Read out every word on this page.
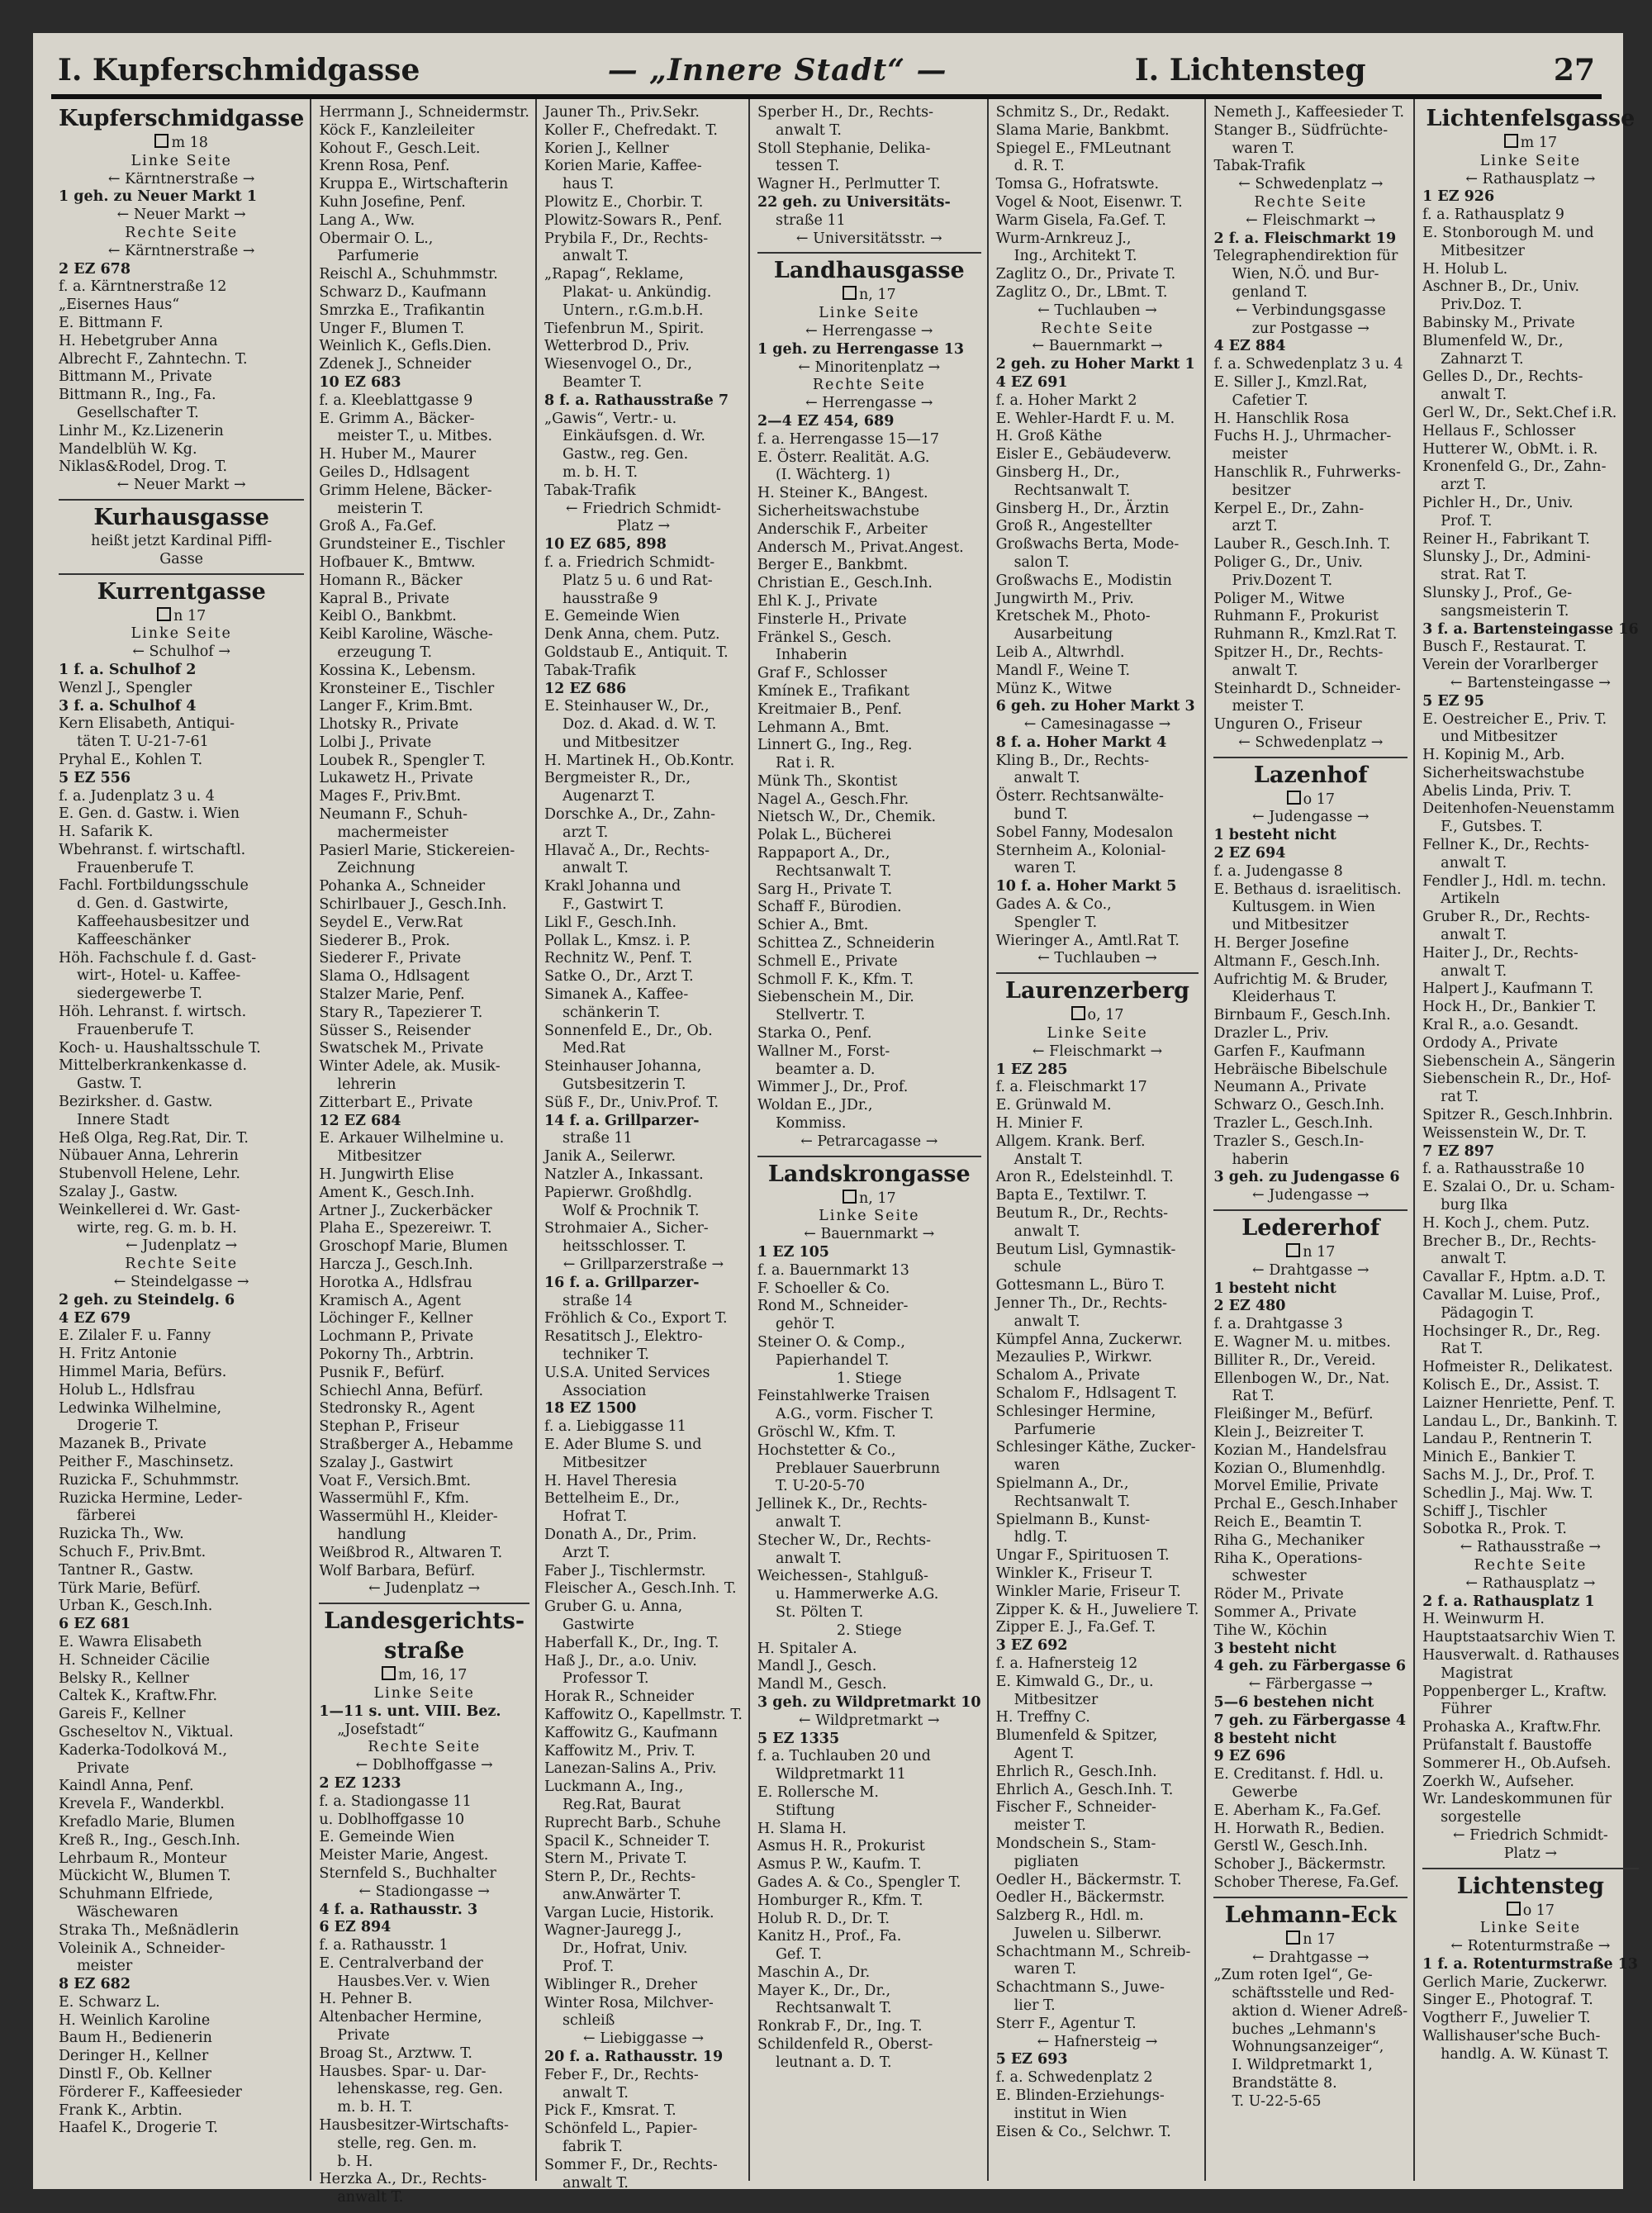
I. Kupferschmidgasse	— „Innere Stadt“ —	I. Lichtensteg	27
Kupferschmidgasse
m 18
Linke Seite
← Kärntnerstraße →
1 geh. zu Neuer Markt 1
← Neuer Markt →
Rechte Seite
← Kärntnerstraße →
2 EZ 678
f. a. Kärntnerstraße 12
„Eisernes Haus“
E. Bittmann F.
H. Hebetgruber Anna
Albrecht F., Zahntechn. T.
Bittmann M., Private
Bittmann R., Ing., Fa.
Gesellschafter T.
Linhr M., Kz.Lizenerin
Mandelblüh W. Kg.
Niklas&Rodel, Drog. T.
← Neuer Markt →
Kurhausgasse
heißt jetzt Kardinal Piffl-
Gasse
Kurrentgasse
n 17
Linke Seite
← Schulhof →
1 f. a. Schulhof 2
Wenzl J., Spengler
3 f. a. Schulhof 4
Kern Elisabeth, Antiqui-
täten T. U-21-7-61
Pryhal E., Kohlen T.
5 EZ 556
f. a. Judenplatz 3 u. 4
E. Gen. d. Gastw. i. Wien
H. Safarik K.
Wbehranst. f. wirtschaftl.
Frauenberufe T.
Fachl. Fortbildungsschule
d. Gen. d. Gastwirte,
Kaffeehausbesitzer und
Kaffeeschänker
Höh. Fachschule f. d. Gast-
wirt-, Hotel- u. Kaffee-
siedergewerbe T.
Höh. Lehranst. f. wirtsch.
Frauenberufe T.
Koch- u. Haushaltsschule T.
Mittelberkrankenkasse d.
Gastw. T.
Bezirksher. d. Gastw.
Innere Stadt
Heß Olga, Reg.Rat, Dir. T.
Nübauer Anna, Lehrerin
Stubenvoll Helene, Lehr.
Szalay J., Gastw.
Weinkellerei d. Wr. Gast-
wirte, reg. G. m. b. H.
← Judenplatz →
Rechte Seite
← Steindelgasse →
2 geh. zu Steindelg. 6
4 EZ 679
E. Zilaler F. u. Fanny
H. Fritz Antonie
Himmel Maria, Befürs.
Holub L., Hdlsfrau
Ledwinka Wilhelmine,
Drogerie T.
Mazanek B., Private
Peither F., Maschinsetz.
Ruzicka F., Schuhmmstr.
Ruzicka Hermine, Leder-
färberei
Ruzicka Th., Ww.
Schuch F., Priv.Bmt.
Tantner R., Gastw.
Türk Marie, Befürf.
Urban K., Gesch.Inh.
6 EZ 681
E. Wawra Elisabeth
H. Schneider Cäcilie
Belsky R., Kellner
Caltek K., Kraftw.Fhr.
Gareis F., Kellner
Gscheseltov N., Viktual.
Kaderka-Todolková M.,
Private
Kaindl Anna, Penf.
Krevela F., Wanderkbl.
Krefadlo Marie, Blumen
Kreß R., Ing., Gesch.Inh.
Lehrbaum R., Monteur
Mückicht W., Blumen T.
Schuhmann Elfriede,
Wäschewaren
Straka Th., Meßnädlerin
Voleinik A., Schneider-
meister
8 EZ 682
E. Schwarz L.
H. Weinlich Karoline
Baum H., Bedienerin
Deringer H., Kellner
Dinstl F., Ob. Kellner
Förderer F., Kaffeesieder
Frank K., Arbtin.
Haafel K., Drogerie T.
Herrmann J., Schneidermstr.
Köck F., Kanzleileiter
Kohout F., Gesch.Leit.
Krenn Rosa, Penf.
Kruppa E., Wirtschafterin
Kuhn Josefine, Penf.
Lang A., Ww.
Obermair O. L.,
Parfumerie
Reischl A., Schuhmmstr.
Schwarz D., Kaufmann
Smrzka E., Trafikantin
Unger F., Blumen T.
Weinlich K., Gefls.Dien.
Zdenek J., Schneider
10 EZ 683
f. a. Kleeblattgasse 9
E. Grimm A., Bäcker-
meister T., u. Mitbes.
H. Huber M., Maurer
Geiles D., Hdlsagent
Grimm Helene, Bäcker-
meisterin T.
Groß A., Fa.Gef.
Grundsteiner E., Tischler
Hofbauer K., Bmtww.
Homann R., Bäcker
Kapral B., Private
Keibl O., Bankbmt.
Keibl Karoline, Wäsche-
erzeugung T.
Kossina K., Lebensm.
Kronsteiner E., Tischler
Langer F., Krim.Bmt.
Lhotsky R., Private
Lolbi J., Private
Loubek R., Spengler T.
Lukawetz H., Private
Mages F., Priv.Bmt.
Neumann F., Schuh-
machermeister
Pasierl Marie, Stickereien-
Zeichnung
Pohanka A., Schneider
Schirlbauer J., Gesch.Inh.
Seydel E., Verw.Rat
Siederer B., Prok.
Siederer F., Private
Slama O., Hdlsagent
Stalzer Marie, Penf.
Stary R., Tapezierer T.
Süsser S., Reisender
Swatschek M., Private
Winter Adele, ak. Musik-
lehrerin
Zitterbart E., Private
12 EZ 684
E. Arkauer Wilhelmine u.
Mitbesitzer
H. Jungwirth Elise
Ament K., Gesch.Inh.
Artner J., Zuckerbäcker
Plaha E., Spezereiwr. T.
Groschopf Marie, Blumen
Harcza J., Gesch.Inh.
Horotka A., Hdlsfrau
Kramisch A., Agent
Löchinger F., Kellner
Lochmann P., Private
Pokorny Th., Arbtrin.
Pusnik F., Befürf.
Schiechl Anna, Befürf.
Stedronsky R., Agent
Stephan P., Friseur
Straßberger A., Hebamme
Szalay J., Gastwirt
Voat F., Versich.Bmt.
Wassermühl F., Kfm.
Wassermühl H., Kleider-
handlung
Weißbrod R., Altwaren T.
Wolf Barbara, Befürf.
← Judenplatz →
Landesgerichts-
straße
m, 16, 17
Linke Seite
1—11 s. unt. VIII. Bez.
„Josefstadt“
Rechte Seite
← Doblhoffgasse →
2 EZ 1233
f. a. Stadiongasse 11
u. Doblhoffgasse 10
E. Gemeinde Wien
Meister Marie, Angest.
Sternfeld S., Buchhalter
← Stadiongasse →
4 f. a. Rathausstr. 3
6 EZ 894
f. a. Rathausstr. 1
E. Centralverband der
Hausbes.Ver. v. Wien
H. Pehner B.
Altenbacher Hermine,
Private
Broag St., Arztww. T.
Hausbes. Spar- u. Dar-
lehenskasse, reg. Gen.
m. b. H. T.
Hausbesitzer-Wirtschafts-
stelle, reg. Gen. m.
b. H.
Herzka A., Dr., Rechts-
anwalt T.
Jauner Th., Priv.Sekr.
Koller F., Chefredakt. T.
Korien J., Kellner
Korien Marie, Kaffee-
haus T.
Plowitz E., Chorbir. T.
Plowitz-Sowars R., Penf.
Prybila F., Dr., Rechts-
anwalt T.
„Rapag“, Reklame,
Plakat- u. Ankündig.
Untern., r.G.m.b.H.
Tiefenbrun M., Spirit.
Wetterbrod D., Priv.
Wiesenvogel O., Dr.,
Beamter T.
8 f. a. Rathausstraße 7
„Gawis“, Vertr.- u.
Einkäufsgen. d. Wr.
Gastw., reg. Gen.
m. b. H. T.
Tabak-Trafik
← Friedrich Schmidt-
Platz →
10 EZ 685, 898
f. a. Friedrich Schmidt-
Platz 5 u. 6 und Rat-
hausstraße 9
E. Gemeinde Wien
Denk Anna, chem. Putz.
Goldstaub E., Antiquit. T.
Tabak-Trafik
12 EZ 686
E. Steinhauser W., Dr.,
Doz. d. Akad. d. W. T.
und Mitbesitzer
H. Martinek H., Ob.Kontr.
Bergmeister R., Dr.,
Augenarzt T.
Dorschke A., Dr., Zahn-
arzt T.
Hlavač A., Dr., Rechts-
anwalt T.
Krakl Johanna und
F., Gastwirt T.
Likl F., Gesch.Inh.
Pollak L., Kmsz. i. P.
Rechnitz W., Penf. T.
Satke O., Dr., Arzt T.
Simanek A., Kaffee-
schänkerin T.
Sonnenfeld E., Dr., Ob.
Med.Rat
Steinhauser Johanna,
Gutsbesitzerin T.
Süß F., Dr., Univ.Prof. T.
14 f. a. Grillparzer-
straße 11
Janik A., Seilerwr.
Natzler A., Inkassant.
Papierwr. Großhdlg.
Wolf & Prochnik T.
Strohmaier A., Sicher-
heitsschlosser. T.
← Grillparzerstraße →
16 f. a. Grillparzer-
straße 14
Fröhlich & Co., Export T.
Resatitsch J., Elektro-
techniker T.
U.S.A. United Services
Association
18 EZ 1500
f. a. Liebiggasse 11
E. Ader Blume S. und
Mitbesitzer
H. Havel Theresia
Bettelheim E., Dr.,
Hofrat T.
Donath A., Dr., Prim.
Arzt T.
Faber J., Tischlermstr.
Fleischer A., Gesch.Inh. T.
Gruber G. u. Anna,
Gastwirte
Haberfall K., Dr., Ing. T.
Haß J., Dr., a.o. Univ.
Professor T.
Horak R., Schneider
Kaffowitz O., Kapellmstr. T.
Kaffowitz G., Kaufmann
Kaffowitz M., Priv. T.
Lanezan-Salins A., Priv.
Luckmann A., Ing.,
Reg.Rat, Baurat
Ruprecht Barb., Schuhe
Spacil K., Schneider T.
Stern M., Private T.
Stern P., Dr., Rechts-
anw.Anwärter T.
Vargan Lucie, Historik.
Wagner-Jauregg J.,
Dr., Hofrat, Univ.
Prof. T.
Wiblinger R., Dreher
Winter Rosa, Milchver-
schleiß
← Liebiggasse →
20 f. a. Rathausstr. 19
Feber F., Dr., Rechts-
anwalt T.
Pick F., Kmsrat. T.
Schönfeld L., Papier-
fabrik T.
Sommer F., Dr., Rechts-
anwalt T.
Sperber H., Dr., Rechts-
anwalt T.
Stoll Stephanie, Delika-
tessen T.
Wagner H., Perlmutter T.
22 geh. zu Universitäts-
straße 11
← Universitätsstr. →
Landhausgasse
n, 17
Linke Seite
← Herrengasse →
1 geh. zu Herrengasse 13
← Minoritenplatz →
Rechte Seite
← Herrengasse →
2—4 EZ 454, 689
f. a. Herrengasse 15—17
E. Österr. Realität. A.G.
(I. Wächterg. 1)
H. Steiner K., BAngest.
Sicherheitswachstube
Anderschik F., Arbeiter
Andersch M., Privat.Angest.
Berger E., Bankbmt.
Christian E., Gesch.Inh.
Ehl K. J., Private
Finsterle H., Private
Fränkel S., Gesch.
Inhaberin
Graf F., Schlosser
Kmínek E., Trafikant
Kreitmaier B., Penf.
Lehmann A., Bmt.
Linnert G., Ing., Reg.
Rat i. R.
Münk Th., Skontist
Nagel A., Gesch.Fhr.
Nietsch W., Dr., Chemik.
Polak L., Bücherei
Rappaport A., Dr.,
Rechtsanwalt T.
Sarg H., Private T.
Schaff F., Bürodien.
Schier A., Bmt.
Schittea Z., Schneiderin
Schmell E., Private
Schmoll F. K., Kfm. T.
Siebenschein M., Dir.
Stellvertr. T.
Starka O., Penf.
Wallner M., Forst-
beamter a. D.
Wimmer J., Dr., Prof.
Woldan E., JDr.,
Kommiss.
← Petrarcagasse →
Landskrongasse
n, 17
Linke Seite
← Bauernmarkt →
1 EZ 105
f. a. Bauernmarkt 13
F. Schoeller & Co.
Rond M., Schneider-
gehör T.
Steiner O. & Comp.,
Papierhandel T.
1. Stiege
Feinstahlwerke Traisen
A.G., vorm. Fischer T.
Gröschl W., Kfm. T.
Hochstetter & Co.,
Preblauer Sauerbrunn
T. U-20-5-70
Jellinek K., Dr., Rechts-
anwalt T.
Stecher W., Dr., Rechts-
anwalt T.
Weichessen-, Stahlguß-
u. Hammerwerke A.G.
St. Pölten T.
2. Stiege
H. Spitaler A.
Mandl J., Gesch.
Mandl M., Gesch.
3 geh. zu Wildpretmarkt 10
← Wildpretmarkt →
5 EZ 1335
f. a. Tuchlauben 20 und
Wildpretmarkt 11
E. Rollersche M.
Stiftung
H. Slama H.
Asmus H. R., Prokurist
Asmus P. W., Kaufm. T.
Gades A. & Co., Spengler T.
Homburger R., Kfm. T.
Holub R. D., Dr. T.
Kanitz H., Prof., Fa.
Gef. T.
Maschin A., Dr.
Mayer K., Dr., Dr.,
Rechtsanwalt T.
Ronkrab F., Dr., Ing. T.
Schildenfeld R., Oberst-
leutnant a. D. T.
Schmitz S., Dr., Redakt.
Slama Marie, Bankbmt.
Spiegel E., FMLeutnant
d. R. T.
Tomsa G., Hofratswte.
Vogel & Noot, Eisenwr. T.
Warm Gisela, Fa.Gef. T.
Wurm-Arnkreuz J.,
Ing., Architekt T.
Zaglitz O., Dr., Private T.
Zaglitz O., Dr., LBmt. T.
← Tuchlauben →
Rechte Seite
← Bauernmarkt →
2 geh. zu Hoher Markt 1
4 EZ 691
f. a. Hoher Markt 2
E. Wehler-Hardt F. u. M.
H. Groß Käthe
Eisler E., Gebäudeverw.
Ginsberg H., Dr.,
Rechtsanwalt T.
Ginsberg H., Dr., Ärztin
Groß R., Angestellter
Großwachs Berta, Mode-
salon T.
Großwachs E., Modistin
Jungwirth M., Priv.
Kretschek M., Photo-
Ausarbeitung
Leib A., Altwrhdl.
Mandl F., Weine T.
Münz K., Witwe
6 geh. zu Hoher Markt 3
← Camesinagasse →
8 f. a. Hoher Markt 4
Kling B., Dr., Rechts-
anwalt T.
Österr. Rechtsanwälte-
bund T.
Sobel Fanny, Modesalon
Sternheim A., Kolonial-
waren T.
10 f. a. Hoher Markt 5
Gades A. & Co.,
Spengler T.
Wieringer A., Amtl.Rat T.
← Tuchlauben →
Laurenzerberg
o, 17
Linke Seite
← Fleischmarkt →
1 EZ 285
f. a. Fleischmarkt 17
E. Grünwald M.
H. Minier F.
Allgem. Krank. Berf.
Anstalt T.
Aron R., Edelsteinhdl. T.
Bapta E., Textilwr. T.
Beutum R., Dr., Rechts-
anwalt T.
Beutum Lisl, Gymnastik-
schule
Gottesmann L., Büro T.
Jenner Th., Dr., Rechts-
anwalt T.
Kümpfel Anna, Zuckerwr.
Mezaulies P., Wirkwr.
Schalom A., Private
Schalom F., Hdlsagent T.
Schlesinger Hermine,
Parfumerie
Schlesinger Käthe, Zucker-
waren
Spielmann A., Dr.,
Rechtsanwalt T.
Spielmann B., Kunst-
hdlg. T.
Ungar F., Spirituosen T.
Winkler K., Friseur T.
Winkler Marie, Friseur T.
Zipper K. & H., Juweliere T.
Zipper E. J., Fa.Gef. T.
3 EZ 692
f. a. Hafnersteig 12
E. Kimwald G., Dr., u.
Mitbesitzer
H. Treffny C.
Blumenfeld & Spitzer,
Agent T.
Ehrlich R., Gesch.Inh.
Ehrlich A., Gesch.Inh. T.
Fischer F., Schneider-
meister T.
Mondschein S., Stam-
pigliaten
Oedler H., Bäckermstr. T.
Oedler H., Bäckermstr.
Salzberg R., Hdl. m.
Juwelen u. Silberwr.
Schachtmann M., Schreib-
waren T.
Schachtmann S., Juwe-
lier T.
Sterr F., Agentur T.
← Hafnersteig →
5 EZ 693
f. a. Schwedenplatz 2
E. Blinden-Erziehungs-
institut in Wien
Eisen & Co., Selchwr. T.
Nemeth J., Kaffeesieder T.
Stanger B., Südfrüchte-
waren T.
Tabak-Trafik
← Schwedenplatz →
Rechte Seite
← Fleischmarkt →
2 f. a. Fleischmarkt 19
Telegraphendirektion für
Wien, N.Ö. und Bur-
genland T.
← Verbindungsgasse
zur Postgasse →
4 EZ 884
f. a. Schwedenplatz 3 u. 4
E. Siller J., Kmzl.Rat,
Cafetier T.
H. Hanschlik Rosa
Fuchs H. J., Uhrmacher-
meister
Hanschlik R., Fuhrwerks-
besitzer
Kerpel E., Dr., Zahn-
arzt T.
Lauber R., Gesch.Inh. T.
Poliger G., Dr., Univ.
Priv.Dozent T.
Poliger M., Witwe
Ruhmann F., Prokurist
Ruhmann R., Kmzl.Rat T.
Spitzer H., Dr., Rechts-
anwalt T.
Steinhardt D., Schneider-
meister T.
Unguren O., Friseur
← Schwedenplatz →
Lazenhof
o 17
← Judengasse →
1 besteht nicht
2 EZ 694
f. a. Judengasse 8
E. Bethaus d. israelitisch.
Kultusgem. in Wien
und Mitbesitzer
H. Berger Josefine
Altmann F., Gesch.Inh.
Aufrichtig M. & Bruder,
Kleiderhaus T.
Birnbaum F., Gesch.Inh.
Drazler L., Priv.
Garfen F., Kaufmann
Hebräische Bibelschule
Neumann A., Private
Schwarz O., Gesch.Inh.
Trazler L., Gesch.Inh.
Trazler S., Gesch.In-
haberin
3 geh. zu Judengasse 6
← Judengasse →
Ledererhof
n 17
← Drahtgasse →
1 besteht nicht
2 EZ 480
f. a. Drahtgasse 3
E. Wagner M. u. mitbes.
Billiter R., Dr., Vereid.
Ellenbogen W., Dr., Nat.
Rat T.
Fleißinger M., Befürf.
Klein J., Beizreiter T.
Kozian M., Handelsfrau
Kozian O., Blumenhdlg.
Morvel Emilie, Private
Prchal E., Gesch.Inhaber
Reich E., Beamtin T.
Riha G., Mechaniker
Riha K., Operations-
schwester
Röder M., Private
Sommer A., Private
Tihe W., Köchin
3 besteht nicht
4 geh. zu Färbergasse 6
← Färbergasse →
5—6 bestehen nicht
7 geh. zu Färbergasse 4
8 besteht nicht
9 EZ 696
E. Creditanst. f. Hdl. u.
Gewerbe
E. Aberham K., Fa.Gef.
H. Horwath R., Bedien.
Gerstl W., Gesch.Inh.
Schober J., Bäckermstr.
Schober Therese, Fa.Gef.
Lehmann-Eck
n 17
← Drahtgasse →
„Zum roten Igel“, Ge-
schäftsstelle und Red-
aktion d. Wiener Adreß-
buches „Lehmann's
Wohnungsanzeiger“,
I. Wildpretmarkt 1,
Brandstätte 8.
T. U-22-5-65
Lichtenfelsgasse
m 17
Linke Seite
← Rathausplatz →
1 EZ 926
f. a. Rathausplatz 9
E. Stonborough M. und
Mitbesitzer
H. Holub L.
Aschner B., Dr., Univ.
Priv.Doz. T.
Babinsky M., Private
Blumenfeld W., Dr.,
Zahnarzt T.
Gelles D., Dr., Rechts-
anwalt T.
Gerl W., Dr., Sekt.Chef i.R.
Hellaus F., Schlosser
Hutterer W., ObMt. i. R.
Kronenfeld G., Dr., Zahn-
arzt T.
Pichler H., Dr., Univ.
Prof. T.
Reiner H., Fabrikant T.
Slunsky J., Dr., Admini-
strat. Rat T.
Slunsky J., Prof., Ge-
sangsmeisterin T.
3 f. a. Bartensteingasse 16
Busch F., Restaurat. T.
Verein der Vorarlberger
← Bartensteingasse →
5 EZ 95
E. Oestreicher E., Priv. T.
und Mitbesitzer
H. Kopinig M., Arb.
Sicherheitswachstube
Abelis Linda, Priv. T.
Deitenhofen-Neuenstamm
F., Gutsbes. T.
Fellner K., Dr., Rechts-
anwalt T.
Fendler J., Hdl. m. techn.
Artikeln
Gruber R., Dr., Rechts-
anwalt T.
Haiter J., Dr., Rechts-
anwalt T.
Halpert J., Kaufmann T.
Hock H., Dr., Bankier T.
Kral R., a.o. Gesandt.
Ordody A., Private
Siebenschein A., Sängerin
Siebenschein R., Dr., Hof-
rat T.
Spitzer R., Gesch.Inhbrin.
Weissenstein W., Dr. T.
7 EZ 897
f. a. Rathausstraße 10
E. Szalai O., Dr. u. Scham-
burg Ilka
H. Koch J., chem. Putz.
Brecher B., Dr., Rechts-
anwalt T.
Cavallar F., Hptm. a.D. T.
Cavallar M. Luise, Prof.,
Pädagogin T.
Hochsinger R., Dr., Reg.
Rat T.
Hofmeister R., Delikatest.
Kolisch E., Dr., Assist. T.
Laizner Henriette, Penf. T.
Landau L., Dr., Bankinh. T.
Landau P., Rentnerin T.
Minich E., Bankier T.
Sachs M. J., Dr., Prof. T.
Schedlin J., Maj. Ww. T.
Schiff J., Tischler
Sobotka R., Prok. T.
← Rathausstraße →
Rechte Seite
← Rathausplatz →
2 f. a. Rathausplatz 1
H. Weinwurm H.
Hauptstaatsarchiv Wien T.
Hausverwalt. d. Rathauses
Magistrat
Poppenberger L., Kraftw.
Führer
Prohaska A., Kraftw.Fhr.
Prüfanstalt f. Baustoffe
Sommerer H., Ob.Aufseh.
Zoerkh W., Aufseher.
Wr. Landeskommunen für
sorgestelle
← Friedrich Schmidt-
Platz →
Lichtensteg
o 17
Linke Seite
← Rotenturmstraße →
1 f. a. Rotenturmstraße 13
Gerlich Marie, Zuckerwr.
Singer E., Photograf. T.
Vogtherr F., Juwelier T.
Wallishauser'sche Buch-
handlg. A. W. Künast T.
